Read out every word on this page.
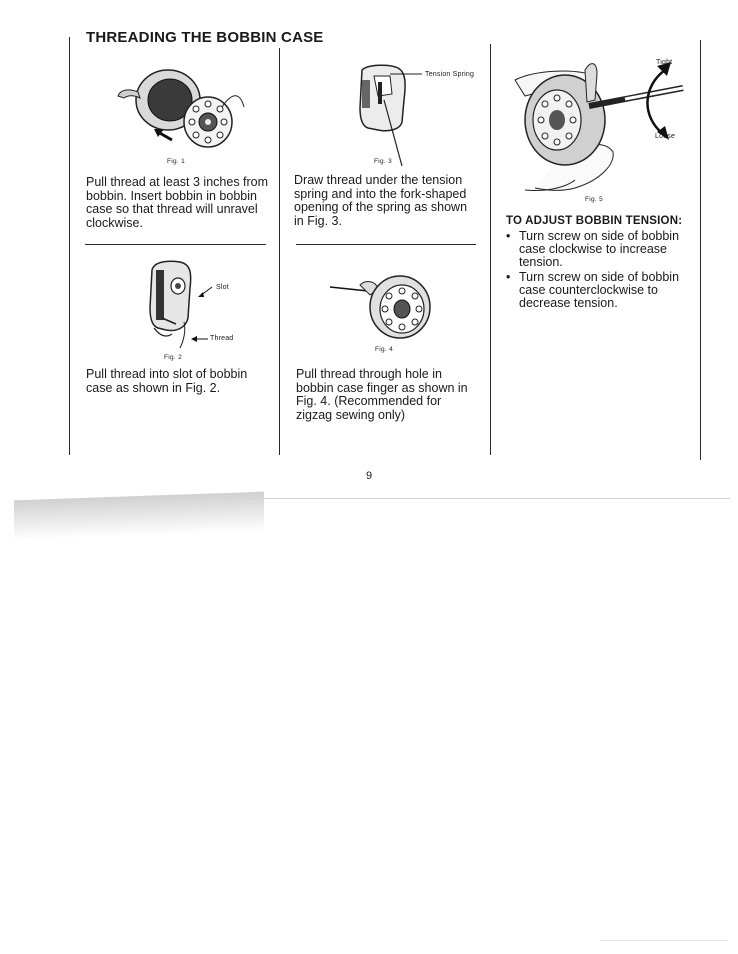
THREADING THE BOBBIN CASE
Fig. 1
Pull thread at least 3 inches from bobbin. Insert bobbin in bobbin case so that thread will unravel clockwise.
Slot
Thread
Fig. 2
Pull thread into slot of bobbin case as shown in Fig. 2.
Tension Spring
Fig. 3
Draw thread under the tension spring and into the fork-shaped opening of the spring as shown in Fig. 3.
Fig. 4
Pull thread through hole in bobbin case finger as shown in Fig. 4. (Recommended for zigzag sewing only)
Tight
Loose
Fig. 5
TO ADJUST BOBBIN TENSION:
• Turn screw on side of bobbin case clockwise to increase tension.
• Turn screw on side of bobbin case counterclockwise to decrease tension.
9
